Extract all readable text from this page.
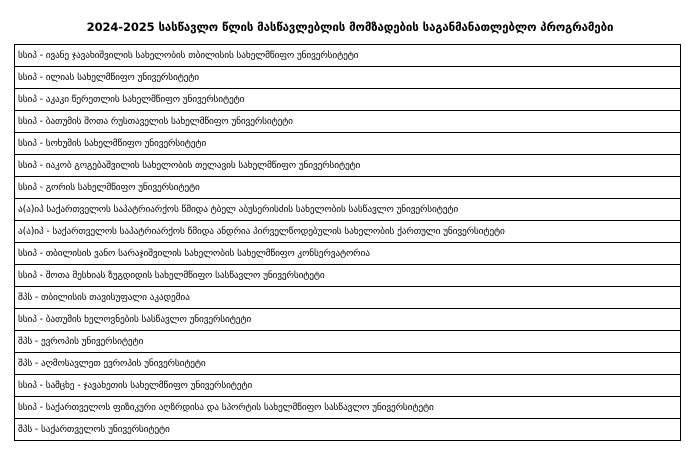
2024-2025 სასწავლო წლის მასწავლებლის მომზადების საგანმანათლებლო პროგრამები
სსიპ - ივანე ჯავახიშვილის სახელობის თბილისის სახელმწიფო უნივერსიტეტი
სსიპ - ილიას სახელმწიფო უნივერსიტეტი
სსიპ - აკაკი წერეთლის სახელმწიფო უნივერსიტეტი
სსიპ - ბათუმის შოთა რუსთაველის სახელმწიფო უნივერსიტეტი
სსიპ - სოხუმის სახელმწიფო უნივერსიტეტი
სსიპ - იაკობ გოგებაშვილის სახელობის თელავის სახელმწიფო უნივერსიტეტი
სსიპ - გორის სახელმწიფო უნივერსიტეტი
ა(ა)იპ საქართველოს საპატრიარქოს წმიდა ტბელ აბუსერისძის სახელობის სასწავლო უნივერსიტეტი
ა(ა)იპ - საქართველოს საპატრიარქოს წმიდა ანდრია პირველწოდებულის სახელობის ქართული უნივერსიტეტი
სსიპ - თბილისის ვანო სარაჯიშვილის სახელობის სახელმწიფო კონსერვატორია
სსიპ - შოთა მესხიას ზუგდიდის სახელმწიფო სასწავლო უნივერსიტეტი
შპს - თბილისის თავისუფალი აკადემია
სსიპ - ბათუმის ხელოვნების სასწავლო უნივერსიტეტი
შპს - ევროპის უნივერსიტეტი
შპს - აღმოსავლეთ ევროპის უნივერსიტეტი
სსიპ - სამცხე - ჯავახეთის სახელმწიფო უნივერსიტეტი
სსიპ - საქართველოს ფიზიკური აღზრდისა და სპორტის სახელმწიფო სასწავლო უნივერსიტეტი
შპს - საქართველოს უნივერსიტეტი
